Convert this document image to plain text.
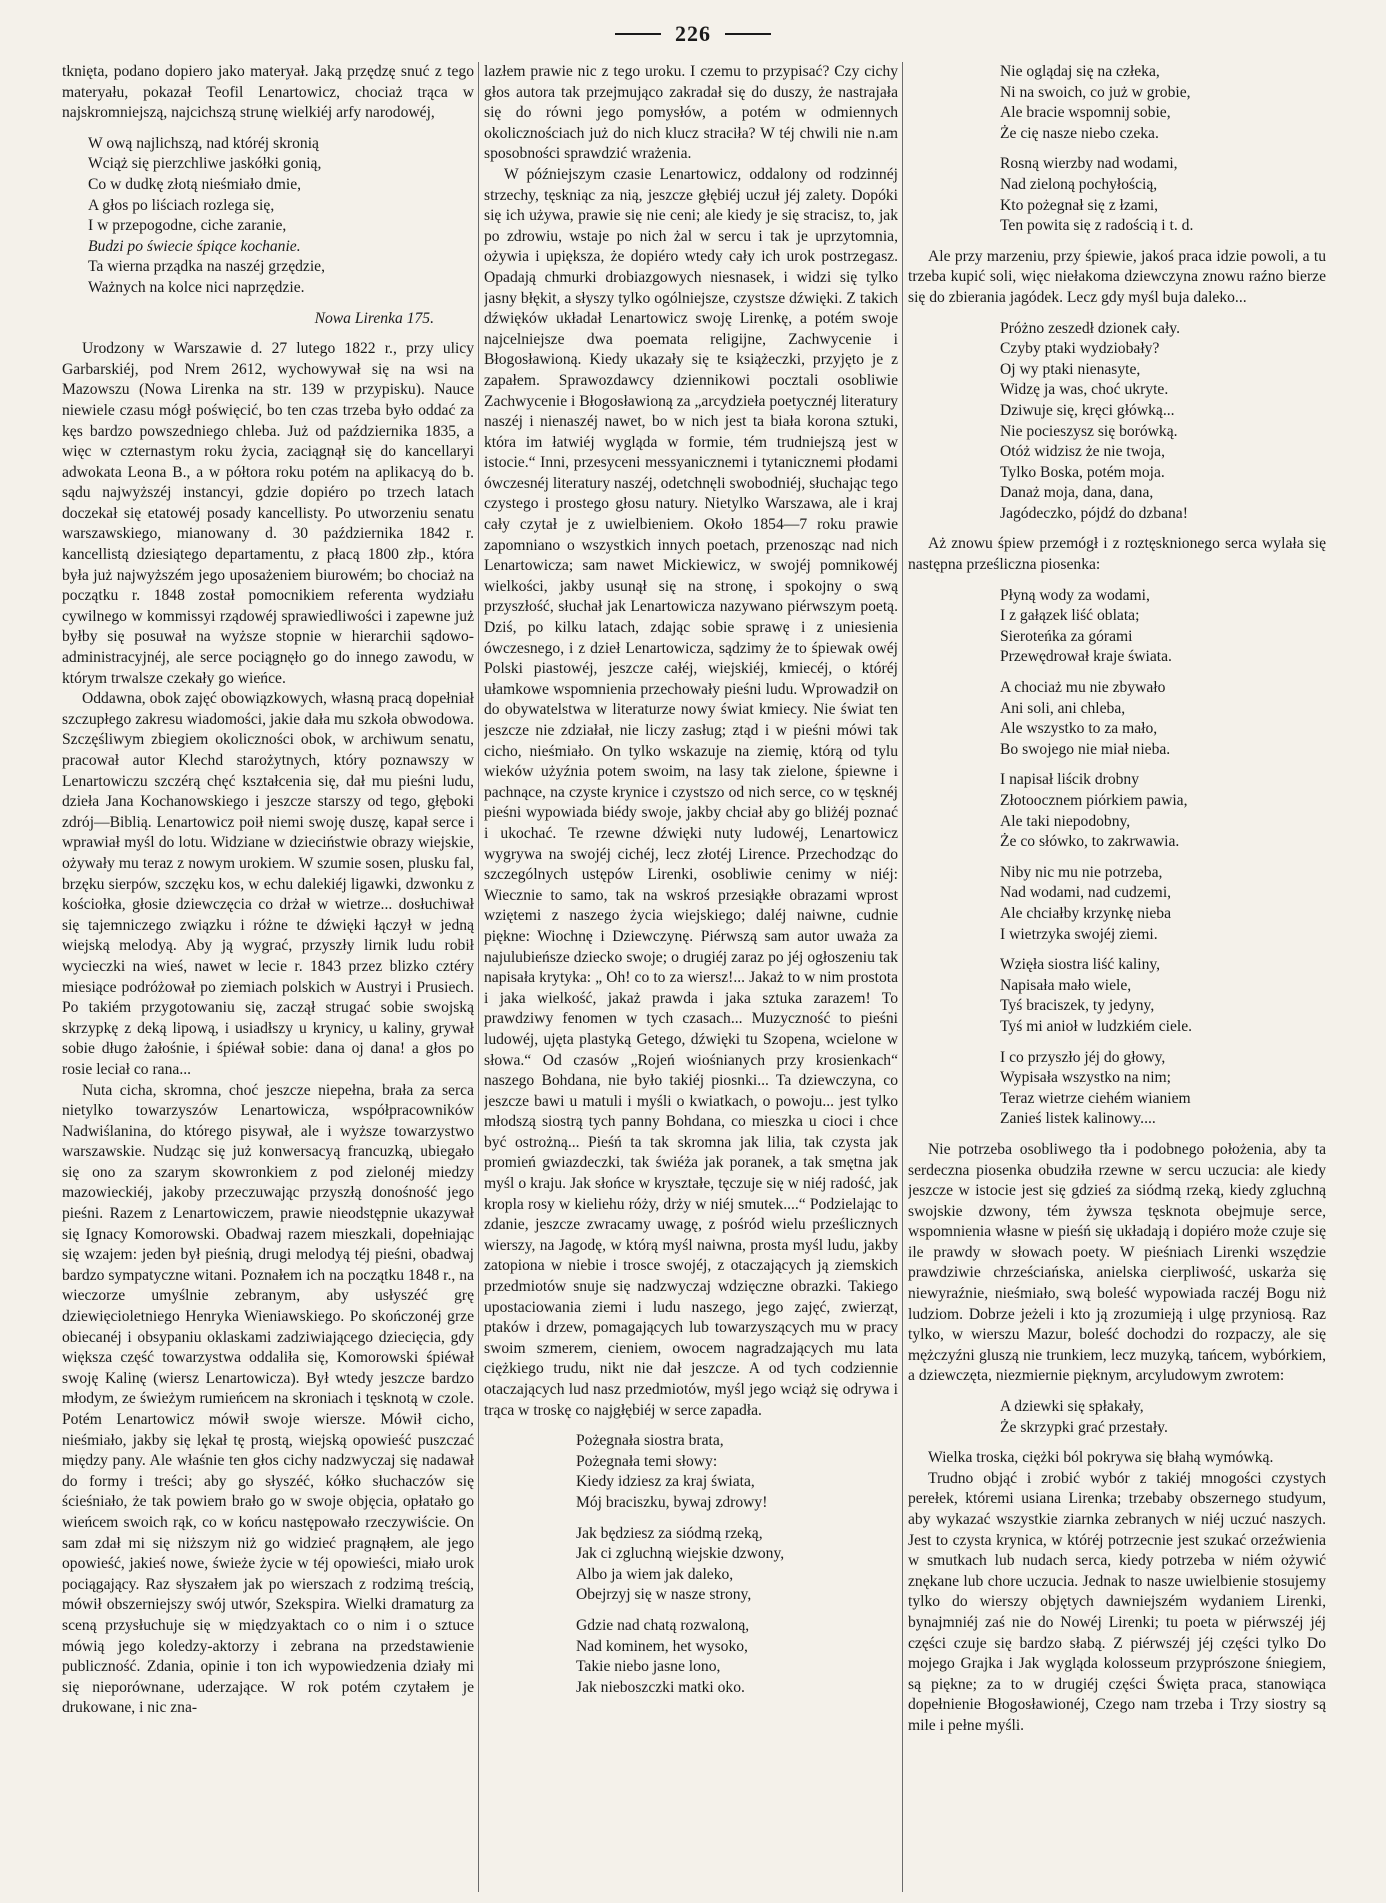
226

tknięta, podano dopiero jako materyał. Jaką przędzę snuć z tego materyału, pokazał Teofil Lenartowicz, chociaż trąca w najskromniejszą, najcichszą strunę wielkiéj arfy narodowéj,

W ową najlichszą, nad któréj skronią
Wciąż się pierzchliwe jaskółki gonią,
Co w dudkę złotą nieśmiało dmie,
A głos po liściach rozlega się,
I w przepogodne, ciche zaranie,
Budzi po świecie śpiące kochanie.
Ta wierna prządka na naszéj grzędzie,
Ważnych na kolce nici naprzędzie.
Nowa Lirenka 175.

Urodzony w Warszawie d. 27 lutego 1822 r., przy ulicy Garbarskiéj, pod Nrem 2612, wychowywał się na wsi na Mazowszu (Nowa Lirenka na str. 139 w przypisku). Nauce niewiele czasu mógł poświęcić, bo ten czas trzeba było oddać za kęs bardzo powszedniego chleba. Już od października 1835, a więc w czternastym roku życia, zaciągnął się do kancellaryi adwokata Leona B., a w półtora roku potém na aplikacyą do b. sądu najwyższéj instancyi, gdzie dopiéro po trzech latach doczekał się etatowéj posady kancellisty. Po utworzeniu senatu warszawskiego, mianowany d. 30 października 1842 r. kancellistą dziesiątego departamentu, z płacą 1800 złp., która była już najwyższém jego uposażeniem biurowém; bo chociaż na początku r. 1848 został pomocnikiem referenta wydziału cywilnego w kommissyi rządowéj sprawiedliwości i zapewne już byłby się posuwał na wyższe stopnie w hierarchii sądowo-administracyjnéj, ale serce pociągnęło go do innego zawodu, w którym trwalsze czekały go wieńce.

Oddawna, obok zajęć obowiązkowych, własną pracą dopełniał szczupłego zakresu wiadomości, jakie dała mu szkoła obwodowa. Szczęśliwym zbiegiem okoliczności obok, w archiwum senatu, pracował autor Klechd starożytnych, który poznawszy w Lenartowiczu szczérą chęć kształcenia się, dał mu pieśni ludu, dzieła Jana Kochanowskiego i jeszcze starszy od tego, głęboki zdrój—Biblią. Lenartowicz poił niemi swoję duszę, kapał serce i wprawiał myśl do lotu. Widziane w dzieciństwie obrazy wiejskie, ożywały mu teraz z nowym urokiem. W szumie sosen, plusku fal, brzęku sierpów, szczęku kos, w echu dalekiéj ligawki, dzwonku z kościołka, głosie dziewczęcia co drżał w wietrze... dosłuchiwał się tajemniczego związku i różne te dźwięki łączył w jedną wiejską melodyą. Aby ją wygrać, przyszły lirnik ludu robił wycieczki na wieś, nawet w lecie r. 1843 przez blizko cztéry miesiące podróżował po ziemiach polskich w Austryi i Prusiech. Po takiém przygotowaniu się, zaczął strugać sobie swojską skrzypkę z deką lipową, i usiadłszy u krynicy, u kaliny, grywał sobie długo żałośnie, i śpiéwał sobie: dana oj dana! a głos po rosie leciał co rana...

Nuta cicha, skromna, choć jeszcze niepełna, brała za serca nietylko towarzyszów Lenartowicza, współpracowników Nadwiślanina, do którego pisywał, ale i wyższe towarzystwo warszawskie. Nudząc się już konwersacyą francuzką, ubiegało się ono za szarym skowronkiem z pod zielonéj miedzy mazowieckiéj, jakoby przeczuwając przyszłą donośność jego pieśni. Razem z Lenartowiczem, prawie nieodstępnie ukazywał się Ignacy Komorowski. Obadwaj razem mieszkali, dopełniając się wzajem: jeden był pieśnią, drugi melodyą téj pieśni, obadwaj bardzo sympatyczne witani. Poznałem ich na początku 1848 r., na wieczorze umyślnie zebranym, aby usłyszéć grę dziewięcioletniego Henryka Wieniawskiego. Po skończonéj grze obiecanéj i obsypaniu oklaskami zadziwiającego dziecięcia, gdy większa część towarzystwa oddaliła się, Komorowski śpiéwał swoję Kalinę (wiersz Lenartowicza). Był wtedy jeszcze bardzo młodym, ze świeżym rumieńcem na skroniach i tęsknotą w czole. Potém Lenartowicz mówił swoje wiersze. Mówił cicho, nieśmiało, jakby się lękał tę prostą, wiejską opowieść puszczać między pany. Ale właśnie ten głos cichy nadzwyczaj się nadawał do formy i treści; aby go słyszéć, kółko słuchaczów się ścieśniało, że tak powiem brało go w swoje objęcia, opłatało go wieńcem swoich rąk, co w końcu następowało rzeczywiście. On sam zdał mi się niższym niż go widzieć pragnąłem, ale jego opowieść, jakieś nowe, świeże życie w téj opowieści, miało urok pociągający. Raz słyszałem jak po wierszach z rodzimą treścią, mówił obszerniejszy swój utwór, Szekspira. Wielki dramaturg za sceną przysłuchuje się w międzyaktach co o nim i o sztuce mówią jego koledzy-aktorzy i zebrana na przedstawienie publiczność. Zdania, opinie i ton ich wypowiedzenia działy mi się nieporównane, uderzające. W rok potém czytałem je drukowane, i nic zna-

lazłem prawie nic z tego uroku. I czemu to przypisać? Czy cichy głos autora tak przejmująco zakradał się do duszy, że nastrajała się do równi jego pomysłów, a potém w odmiennych okolicznościach już do nich klucz straciła? W téj chwili nie n.am sposobności sprawdzić wrażenia.

W późniejszym czasie Lenartowicz, oddalony od rodzinnéj strzechy, tęskniąc za nią, jeszcze głębiéj uczuł jéj zalety. Dopóki się ich używa, prawie się nie ceni; ale kiedy je się stracisz, to, jak po zdrowiu, wstaje po nich żal w sercu i tak je uprzytomnia, ożywia i upiększa, że dopiéro wtedy cały ich urok postrzegasz. Opadają chmurki drobiazgowych niesnasek, i widzi się tylko jasny błękit, a słyszy tylko ogólniejsze, czystsze dźwięki. Z takich dźwięków układał Lenartowicz swoję Lirenkę, a potém swoje najcelniejsze dwa poemata religijne, Zachwycenie i Błogosławioną. Kiedy ukazały się te książeczki, przyjęto je z zapałem. Sprawozdawcy dziennikowi pocztali osobliwie Zachwycenie i Błogosławioną za „arcydzieła poetycznéj literatury naszéj i nienaszéj nawet, bo w nich jest ta biała korona sztuki, która im łatwiéj wygląda w formie, tém trudniejszą jest w istocie.“ Inni, przesyceni messyanicznemi i tytanicznemi płodami ówczesnéj literatury naszéj, odetchnęli swobodniéj, słuchając tego czystego i prostego głosu natury. Nietylko Warszawa, ale i kraj cały czytał je z uwielbieniem. Około 1854—7 roku prawie zapomniano o wszystkich innych poetach, przenosząc nad nich Lenartowicza; sam nawet Mickiewicz, w swojéj pomnikowéj wielkości, jakby usunął się na stronę, i spokojny o swą przyszłość, słuchał jak Lenartowicza nazywano piérwszym poetą. Dziś, po kilku latach, zdając sobie sprawę i z uniesienia ówczesnego, i z dzieł Lenartowicza, sądzimy że to śpiewak owéj Polski piastowéj, jeszcze całéj, wiejskiéj, kmiecéj, o któréj ułamkowe wspomnienia przechowały pieśni ludu. Wprowadził on do obywatelstwa w literaturze nowy świat kmiecy. Nie świat ten jeszcze nie zdziałał, nie liczy zasług; ztąd i w pieśni mówi tak cicho, nieśmiało. On tylko wskazuje na ziemię, którą od tylu wieków użyźnia potem swoim, na lasy tak zielone, śpiewne i pachnące, na czyste krynice i czystszo od nich serce, co w tęsknéj pieśni wypowiada biédy swoje, jakby chciał aby go bliżéj poznać i ukochać. Te rzewne dźwięki nuty ludowéj, Lenartowicz wygrywa na swojéj cichéj, lecz złotéj Lirence. Przechodząc do szczególnych ustępów Lirenki, osobliwie cenimy w niéj: Wiecznie to samo, tak na wskroś przesiąkłe obrazami wprost wziętemi z naszego życia wiejskiego; daléj naiwne, cudnie piękne: Wiochnę i Dziewczynę. Piérwszą sam autor uważa za najulubieńsze dziecko swoje; o drugiéj zaraz po jéj ogłoszeniu tak napisała krytyka: „ Oh! co to za wiersz!... Jakaż to w nim prostota i jaka wielkość, jakaż prawda i jaka sztuka zarazem! To prawdziwy fenomen w tych czasach... Muzyczność to pieśni ludowéj, ujęta plastyką Getego, dźwięki tu Szopena, wcielone w słowa.“ Od czasów „Rojeń wiośnianych przy krosienkach“ naszego Bohdana, nie było takiéj piosnki... Ta dziewczyna, co jeszcze bawi u matuli i myśli o kwiatkach, o powoju... jest tylko młodszą siostrą tych panny Bohdana, co mieszka u cioci i chce być ostrożną... Pieśń ta tak skromna jak lilia, tak czysta jak promień gwiazdeczki, tak świéża jak poranek, a tak smętna jak myśl o kraju. Jak słońce w kryształe, tęczuje się w niéj radość, jak kropla rosy w kieliehu róży, drży w niéj smutek....“ Podzielając to zdanie, jeszcze zwracamy uwagę, z pośród wielu prześlicznych wierszy, na Jagodę, w którą myśl naiwna, prosta myśl ludu, jakby zatopiona w niebie i trosce swojéj, z otaczających ją ziemskich przedmiotów snuje się nadzwyczaj wdzięczne obrazki. Takiego upostaciowania ziemi i ludu naszego, jego zajęć, zwierząt, ptaków i drzew, pomagających lub towarzyszących mu w pracy swoim szmerem, cieniem, owocem nagradzających mu lata ciężkiego trudu, nikt nie dał jeszcze. A od tych codziennie otaczających lud nasz przedmiotów, myśl jego wciąż się odrywa i trąca w troskę co najgłębiéj w serce zapadła.

Pożegnała siostra brata,
Pożegnała temi słowy:
Kiedy idziesz za kraj świata,
Mój braciszku, bywaj zdrowy!
Jak będziesz za siódmą rzeką,
Jak ci zgluchną wiejskie dzwony,
Albo ja wiem jak daleko,
Obejrzyj się w nasze strony,
Gdzie nad chatą rozwaloną,
Nad kominem, het wysoko,
Takie niebo jasne lono,
Jak nieboszczki matki oko.
Nie oglądaj się na człeka,
Ni na swoich, co już w grobie,
Ale bracie wspomnij sobie,
Że cię nasze niebo czeka.
Rosną wierzby nad wodami,
Nad zieloną pochyłością,
Kto pożegnał się z łzami,
Ten powita się z radością i t. d.

Ale przy marzeniu, przy śpiewie, jakoś praca idzie powoli, a tu trzeba kupić soli, więc niełakoma dziewczyna znowu raźno bierze się do zbierania jagódek. Lecz gdy myśl buja daleko...

Próżno zeszedł dzionek cały.
Czyby ptaki wydziobały?
Oj wy ptaki nienasyte,
Widzę ja was, choć ukryte.
Dziwuje się, kręci główką...
Nie pocieszysz się borówką.
Otóż widzisz że nie twoja,
Tylko Boska, potém moja.
Danaż moja, dana, dana,
Jagódeczko, pójdź do dzbana!

Aż znowu śpiew przemógł i z roztęsknionego serca wylała się następna prześliczna piosenka:

Płyną wody za wodami,
I z gałązek liść oblata;
Sierotеńka za górami
Przewędrował kraje świata.
A chociaż mu nie zbywało
Ani soli, ani chleba,
Ale wszystko to za mało,
Bo swojego nie miał nieba.
I napisał liścik drobny
Złotoocznem piórkiem pawia,
Ale taki niepodobny,
Że co słówko, to zakrwawia.
Niby nic mu nie potrzeba,
Nad wodami, nad cudzemi,
Ale chciałby krzynkę nieba
I wietrzyka swojéj ziemi.
Wzięła siostra liść kaliny,
Napisała mało wiele,
Tyś braciszek, ty jedyny,
Tyś mi anioł w ludzkiém ciele.
I co przyszło jéj do głowy,
Wypisała wszystko na nim;
Teraz wietrze ciehém wianiem
Zanieś listek kalinowy....

Nie potrzeba osobliwego tła i podobnego położenia, aby ta serdeczna piosenka obudziła rzewne w sercu uczucia: ale kiedy jeszcze w istocie jest się gdzieś za siódmą rzeką, kiedy zgluchną swojskie dzwony, tém żywsza tęsknota obejmuje serce, wspomnienia własne w pieśń się układają i dopiéro może czuje się ile prawdy w słowach poety. W pieśniach Lirenki wszędzie prawdziwie chrześciańska, anielska cierpliwość, uskarża się niewyraźnie, nieśmiało, swą boleść wypowiada raczéj Bogu niż ludziom. Dobrze jeżeli i kto ją zrozumieją i ulgę przyniosą. Raz tylko, w wierszu Mazur, boleść dochodzi do rozpaczy, ale się mężczyźni gluszą nie trunkiem, lecz muzyką, tańcem, wybórkiem, a dziewczęta, niezmiernie pięknym, arcyludowym zwrotem:

A dziewki się spłakały,
Że skrzypki grać przestały.

Wielka troska, ciężki ból pokrywa się błahą wymówką.

Trudno objąć i zrobić wybór z takiéj mnogości czystych perełek, któremi usiana Lirenka; trzebaby obszernego studyum, aby wykazać wszystkie ziarnka zebranych w niéj uczuć naszych. Jest to czysta krynica, w któréj potrzecnie jest szukać orzeźwienia w smutkach lub nudach serca, kiedy potrzeba w niém ożywić znękane lub chore uczucia. Jednak to nasze uwielbienie stosujemy tylko do wierszy objętych dawniejszém wydaniem Lirenki, bynajmniéj zaś nie do Nowéj Lirenki; tu poeta w piérwszéj jéj części czuje się bardzo słabą. Z piérwszéj jéj części tylko Do mojego Grajka i Jak wygląda kolosseum przyprószone śniegiem, są piękne; za to w drugiéj części Święta praca, stanowiąca dopełnienie Błogosławionéj, Czego nam trzeba i Trzy siostry są mile i pełne myśli.
